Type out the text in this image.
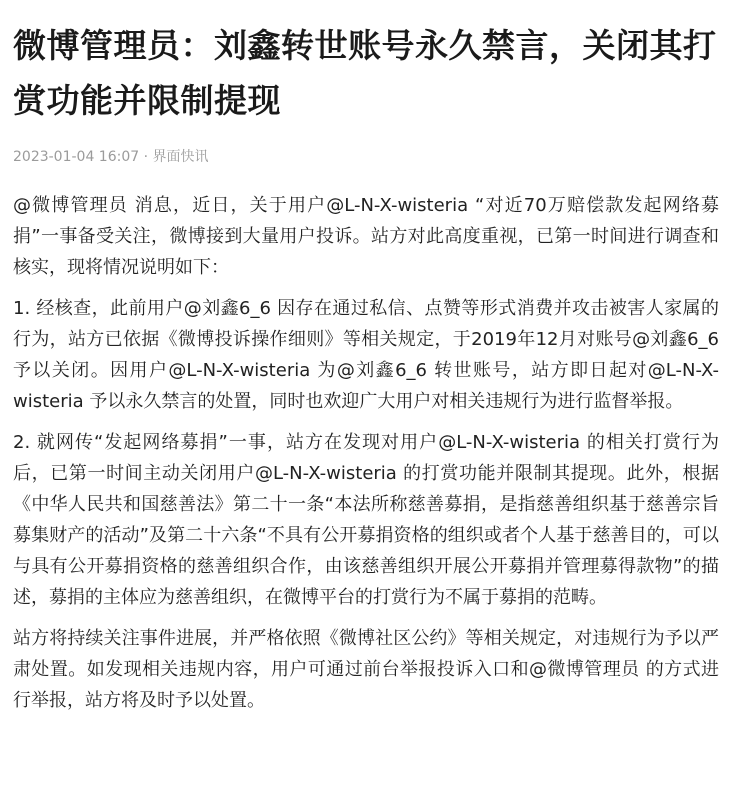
微博管理员：刘鑫转世账号永久禁言，关闭其打赏功能并限制提现
2023-01-04 16:07 · 界面快讯

@微博管理员 消息，近日，关于用户@L-N-X-wisteria “对近70万赔偿款发起网络募捐”一事备受关注，微博接到大量用户投诉。站方对此高度重视，已第一时间进行调查和核实，现将情况说明如下：

1. 经核查，此前用户@刘鑫6_6 因存在通过私信、点赞等形式消费并攻击被害人家属的行为，站方已依据《微博投诉操作细则》等相关规定，于2019年12月对账号@刘鑫6_6 予以关闭。因用户@L-N-X-wisteria 为@刘鑫6_6 转世账号，站方即日起对@L-N-X-wisteria 予以永久禁言的处置，同时也欢迎广大用户对相关违规行为进行监督举报。

2. 就网传“发起网络募捐”一事，站方在发现对用户@L-N-X-wisteria 的相关打赏行为后，已第一时间主动关闭用户@L-N-X-wisteria 的打赏功能并限制其提现。此外，根据《中华人民共和国慈善法》第二十一条“本法所称慈善募捐，是指慈善组织基于慈善宗旨募集财产的活动”及第二十六条“不具有公开募捐资格的组织或者个人基于慈善目的，可以与具有公开募捐资格的慈善组织合作，由该慈善组织开展公开募捐并管理募得款物”的描述，募捐的主体应为慈善组织，在微博平台的打赏行为不属于募捐的范畴。

站方将持续关注事件进展，并严格依照《微博社区公约》等相关规定，对违规行为予以严肃处置。如发现相关违规内容，用户可通过前台举报投诉入口和@微博管理员 的方式进行举报，站方将及时予以处置。
